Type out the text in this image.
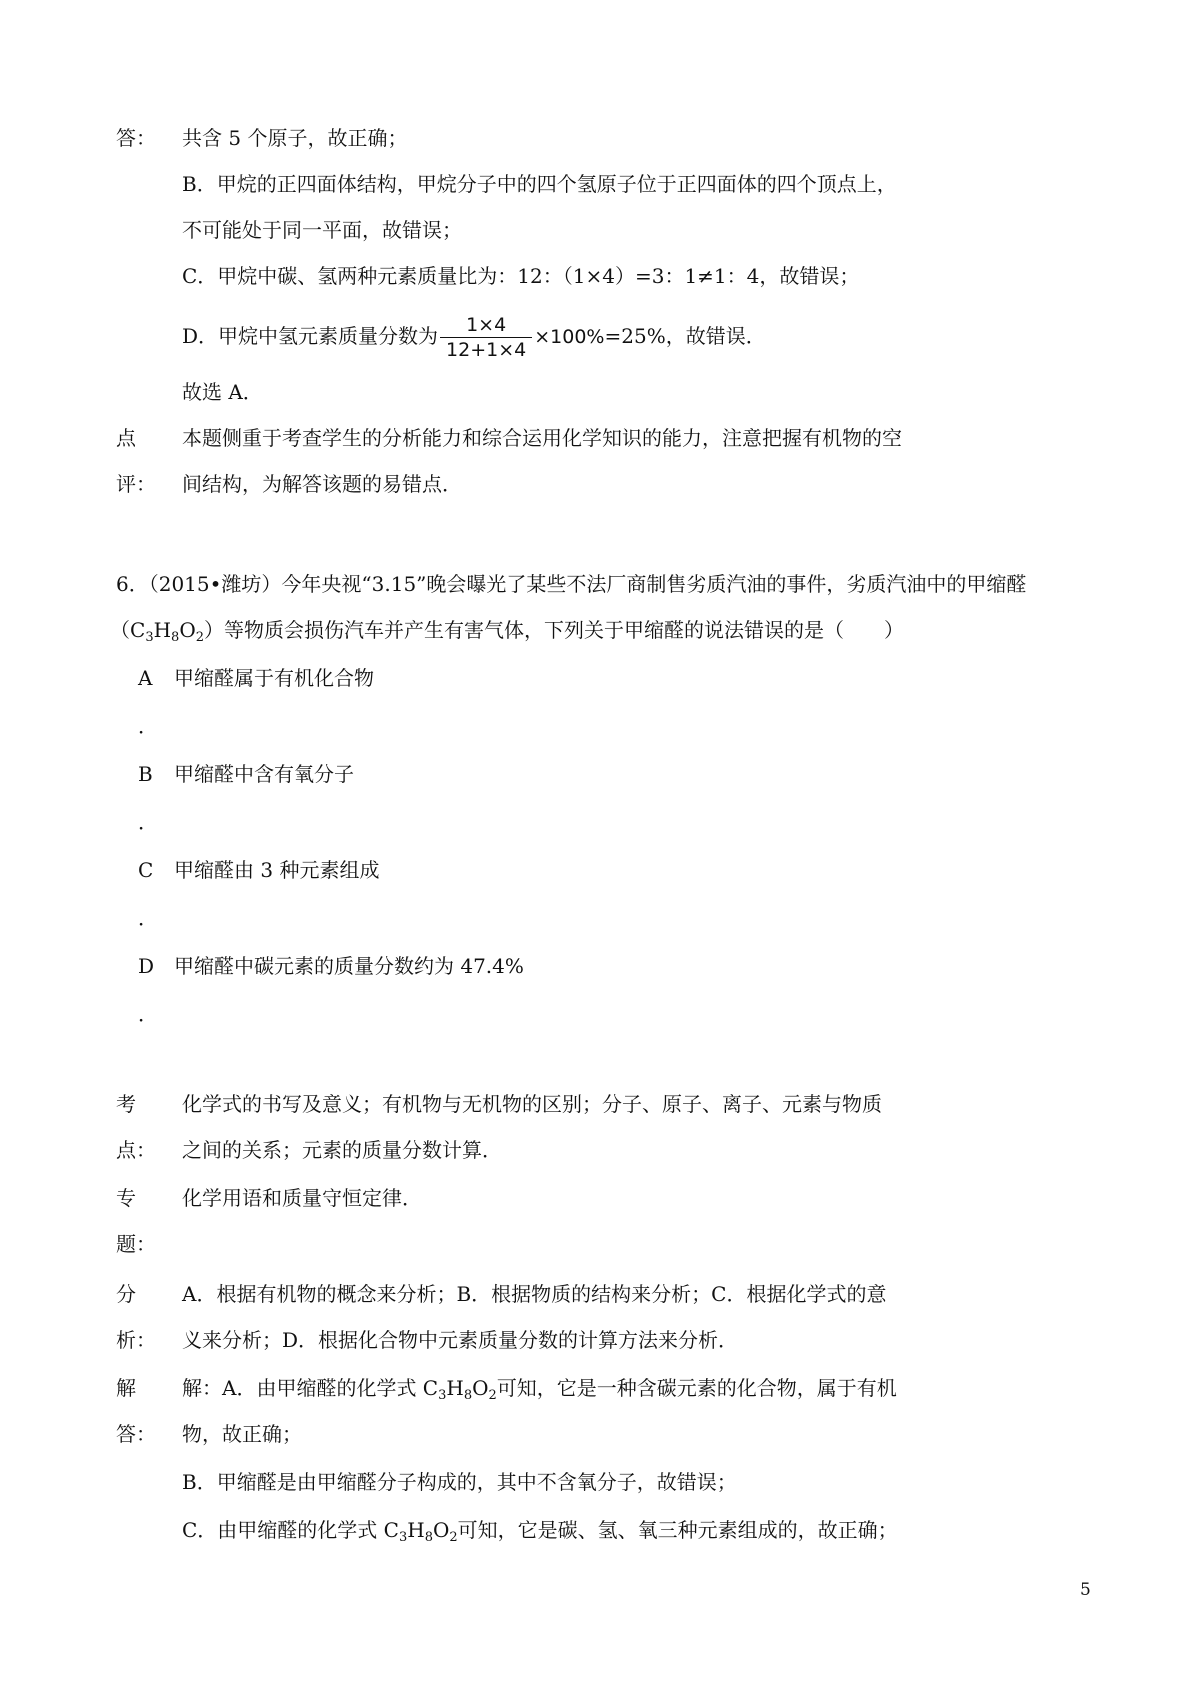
答： 共含 5 个原子，故正确；
B．甲烷的正四面体结构，甲烷分子中的四个氢原子位于正四面体的四个顶点上，
不可能处于同一平面，故错误；
C．甲烷中碳、氢两种元素质量比为：12：（1×4）=3：1≠1：4，故错误；
D．甲烷中氢元素质量分数为 $\frac{1\times 4}{12+1\times 4} \times 100\%=25\%$，故错误．
故选 A．
点 本题侧重于考查学生的分析能力和综合运用化学知识的能力，注意把握有机物的空
评： 间结构，为解答该题的易错点．
6．（2015•潍坊）今年央视“3.15”晚会曝光了某些不法厂商制售劣质汽油的事件，劣质汽油中的甲缩醛
$(C_3H_8O_2)$等物质会损伤汽车并产生有害气体，下列关于甲缩醛的说法错误的是（　　）
A 甲缩醛属于有机化合物
．
B 甲缩醛中含有氧分子
．
C 甲缩醛由 3 种元素组成
．
D 甲缩醛中碳元素的质量分数约为 47.4%
．
考 化学式的书写及意义；有机物与无机物的区别；分子、原子、离子、元素与物质
点： 之间的关系；元素的质量分数计算．
专 化学用语和质量守恒定律．
题：
分 A．根据有机物的概念来分析；B．根据物质的结构来分析；C．根据化学式的意
析： 义来分析；D．根据化合物中元素质量分数的计算方法来分析．
解 解：A．由甲缩醛的化学式 $C_3H_8O_2$可知，它是一种含碳元素的化合物，属于有机
答： 物，故正确；
B．甲缩醛是由甲缩醛分子构成的，其中不含氧分子，故错误；
C．由甲缩醛的化学式 $C_3H_8O_2$可知，它是碳、氢、氧三种元素组成的，故正确；
5
